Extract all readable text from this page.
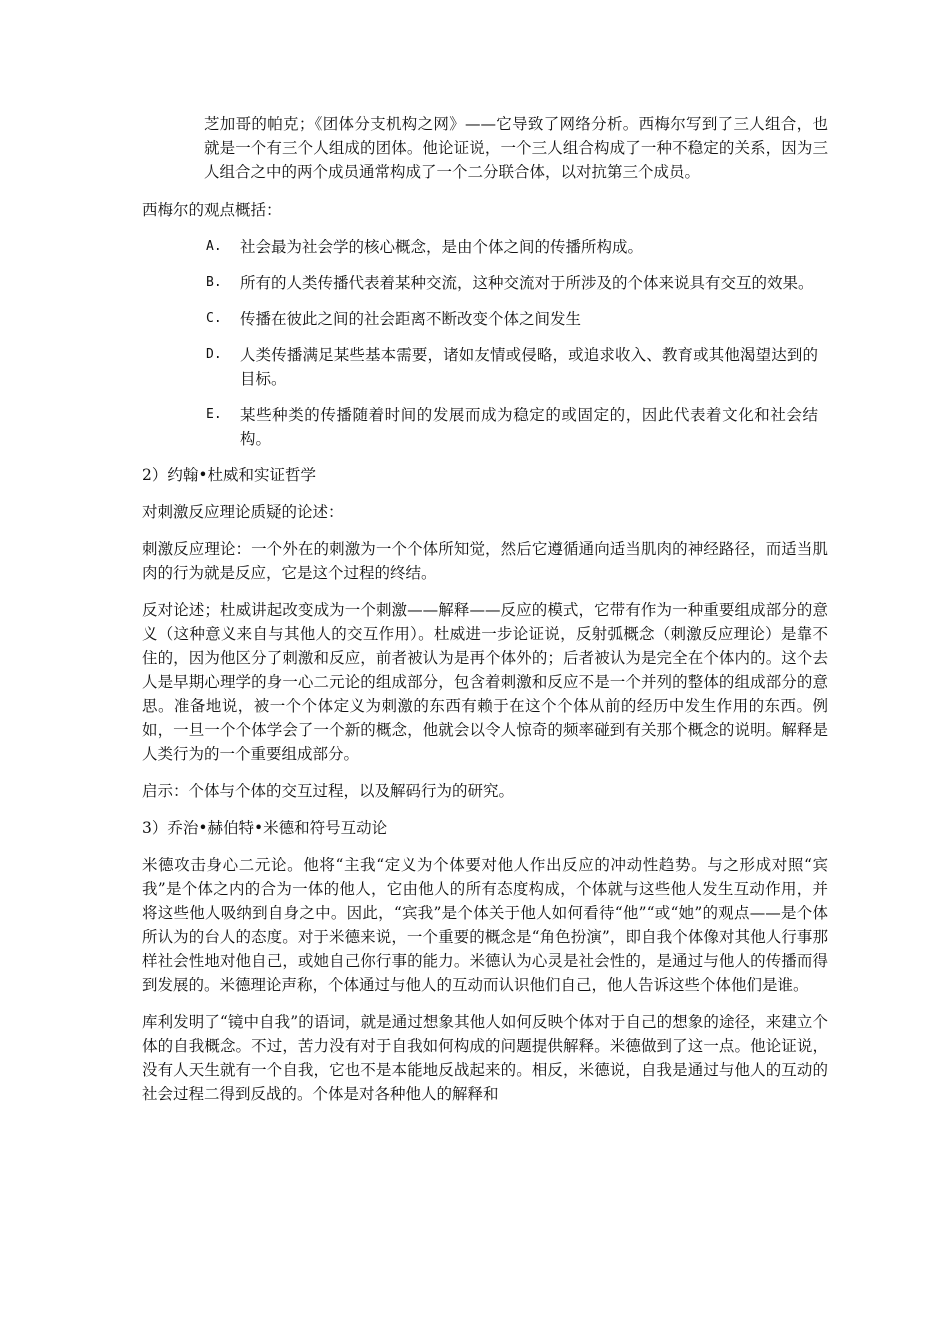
芝加哥的帕克；《团体分支机构之网》——它导致了网络分析。西梅尔写到了三人组合，也就是一个有三个人组成的团体。他论证说，一个三人组合构成了一种不稳定的关系，因为三人组合之中的两个成员通常构成了一个二分联合体，以对抗第三个成员。

西梅尔的观点概括：

A.	社会最为社会学的核心概念，是由个体之间的传播所构成。
B.	所有的人类传播代表着某种交流，这种交流对于所涉及的个体来说具有交互的效果。
C.	传播在彼此之间的社会距离不断改变个体之间发生
D.	人类传播满足某些基本需要，诸如友情或侵略，或追求收入、教育或其他渴望达到的目标。
E.	某些种类的传播随着时间的发展而成为稳定的或固定的，因此代表着文化和社会结构。

2）约翰•杜威和实证哲学

对刺激反应理论质疑的论述：

刺激反应理论：一个外在的刺激为一个个体所知觉，然后它遵循通向适当肌肉的神经路径，而适当肌肉的行为就是反应，它是这个过程的终结。

反对论述；杜威讲起改变成为一个刺激——解释——反应的模式，它带有作为一种重要组成部分的意义（这种意义来自与其他人的交互作用）。杜威进一步论证说，反射弧概念（刺激反应理论）是靠不住的，因为他区分了刺激和反应，前者被认为是再个体外的；后者被认为是完全在个体内的。这个去人是早期心理学的身一心二元论的组成部分，包含着刺激和反应不是一个并列的整体的组成部分的意思。准备地说，被一个个体定义为刺激的东西有赖于在这个个体从前的经历中发生作用的东西。例如，一旦一个个体学会了一个新的概念，他就会以令人惊奇的频率碰到有关那个概念的说明。解释是人类行为的一个重要组成部分。

启示：个体与个体的交互过程，以及解码行为的研究。

3）乔治•赫伯特•米德和符号互动论

米德攻击身心二元论。他将“主我“定义为个体要对他人作出反应的冲动性趋势。与之形成对照“宾我”是个体之内的合为一体的他人，它由他人的所有态度构成，个体就与这些他人发生互动作用，并将这些他人吸纳到自身之中。因此，“宾我”是个体关于他人如何看待“他”“或“她”的观点——是个体所认为的台人的态度。对于米德来说，一个重要的概念是“角色扮演”，即自我个体像对其他人行事那样社会性地对他自己，或她自己你行事的能力。米德认为心灵是社会性的，是通过与他人的传播而得到发展的。米德理论声称，个体通过与他人的互动而认识他们自己，他人告诉这些个体他们是谁。

库利发明了“镜中自我”的语词，就是通过想象其他人如何反映个体对于自己的想象的途径，来建立个体的自我概念。不过，苦力没有对于自我如何构成的问题提供解释。米德做到了这一点。他论证说，没有人天生就有一个自我，它也不是本能地反战起来的。相反，米德说，自我是通过与他人的互动的社会过程二得到反战的。个体是对各种他人的解释和
